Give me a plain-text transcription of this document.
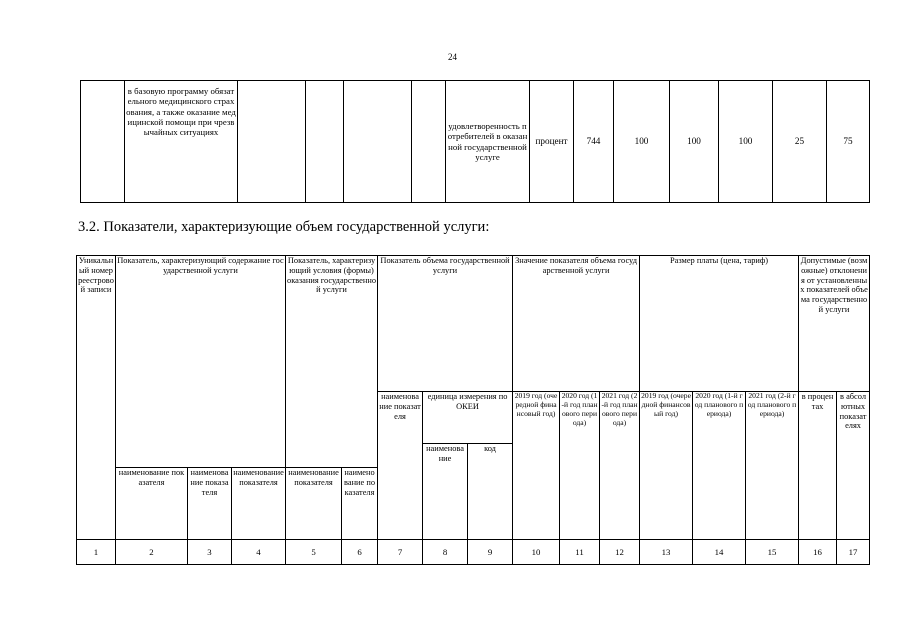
24
	в базовую программу обязательного медицинского страхования, а также оказание медицинской помощи при чрезвычайных ситуациях					удовлетворенность потребителей в оказанной государственной услуге	процент	744	100	100	100	25	75
3.2. Показатели, характеризующие объем государственной услуги:
Уникальный номер реестровой записи	Показатель, характеризующий содержание государственной услуги			Показатель, характеризующий условия (формы) оказания государственной услуги		Показатель объема государственной услуги			Значение показателя объема государственной услуги			Размер платы (цена, тариф)			Допустимые (возможные) отклонения от установленных показателей объема государственной услуги	
						наименование показателя	единица измерения по ОКЕИ		2019 год (очередной финансовый год)	2020 год (1-й год планового периода)	2021 год (2-й год планового периода)	2019 год (очередной финансовый год)	2020 год (1-й год планового периода)	2021 год (2-й год планового периода)	в процентах	в абсолютных показателях
							наименование	код								
	наименование показателя	наименование показателя	наименование показателя	наименование показателя	наименование показателя											
1	2	3	4	5	6	7	8	9	10	11	12	13	14	15	16	17
